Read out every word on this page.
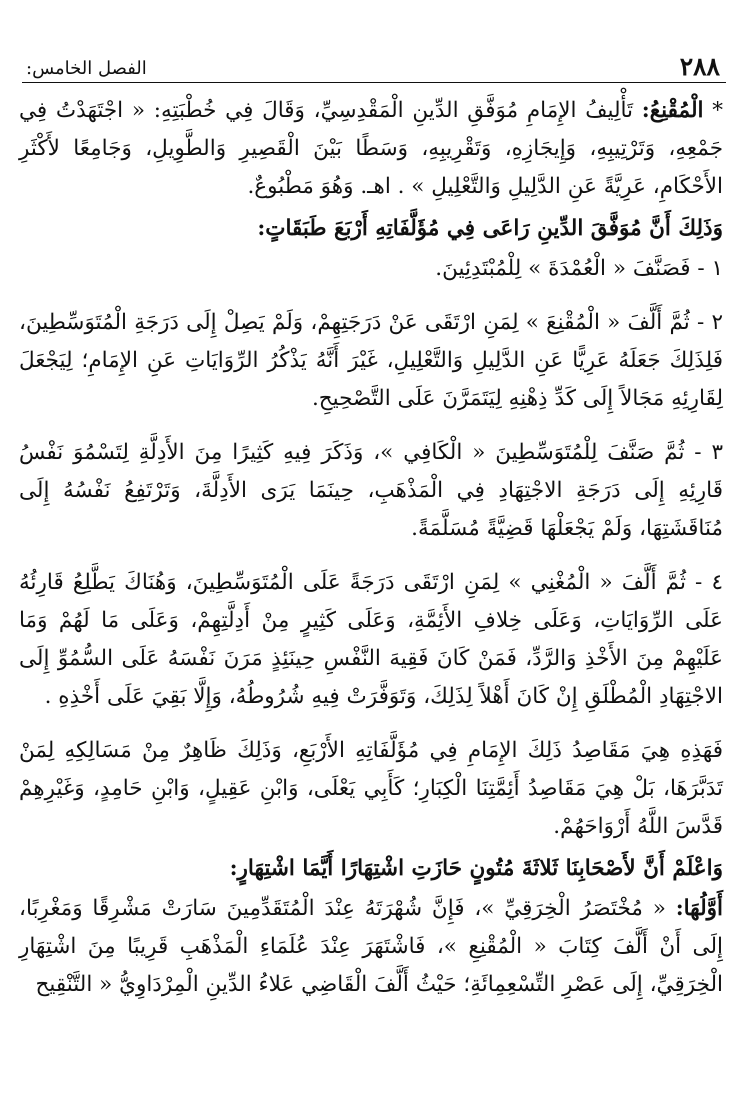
٢٨٨
الفصل الخامس:

* الْمُقْنِعُ: تَأْلِيفُ الإِمَامِ مُوَفَّقِ الدِّينِ الْمَقْدِسِيِّ، وَقَالَ فِي خُطْبَتِهِ: « اجْتَهَدْتُ فِي جَمْعِهِ، وَتَرْتِيبِهِ، وَإِيجَازِهِ، وَتَقْرِيبِهِ، وَسَطًا بَيْنَ الْقَصِيرِ وَالطَّوِيلِ، وَجَامِعًا لأَكْثَرِ الأَحْكَامِ، عَرِيَّةً عَنِ الدَّلِيلِ وَالتَّعْلِيلِ » . اهـ. وَهُوَ مَطْبُوعٌ.

وَذَلِكَ أَنَّ مُوَفَّقَ الدِّينِ رَاعَى فِي مُؤَلَّفَاتِهِ أَرْبَعَ طَبَقَاتٍ:

١ - فَصَنَّفَ « الْعُمْدَةَ » لِلْمُبْتَدِئِينَ.

٢ - ثُمَّ أَلَّفَ « الْمُقْنِعَ » لِمَنِ ارْتَقَى عَنْ دَرَجَتِهِمْ، وَلَمْ يَصِلْ إِلَى دَرَجَةِ الْمُتَوَسِّطِينَ، فَلِذَلِكَ جَعَلَهُ عَرِيًّا عَنِ الدَّلِيلِ وَالتَّعْلِيلِ، غَيْرَ أَنَّهُ يَذْكُرُ الرِّوَايَاتِ عَنِ الإِمَامِ؛ لِيَجْعَلَ لِقَارِئِهِ مَجَالاً إِلَى كَدِّ ذِهْنِهِ لِيَتَمَرَّنَ عَلَى التَّصْحِيحِ.

٣ - ثُمَّ صَنَّفَ لِلْمُتَوَسِّطِينَ « الْكَافِي »، وَذَكَرَ فِيهِ كَثِيرًا مِنَ الأَدِلَّةِ لِتَسْمُوَ نَفْسُ قَارِئِهِ إِلَى دَرَجَةِ الاجْتِهَادِ فِي الْمَذْهَبِ، حِينَمَا يَرَى الأَدِلَّةَ، وَتَرْتَفِعُ نَفْسُهُ إِلَى مُنَاقَشَتِهَا، وَلَمْ يَجْعَلْهَا قَضِيَّةً مُسَلَّمَةً.

٤ - ثُمَّ أَلَّفَ « الْمُغْنِي » لِمَنِ ارْتَقَى دَرَجَةً عَلَى الْمُتَوَسِّطِينَ، وَهُنَاكَ يَطَّلِعُ قَارِئُهُ عَلَى الرِّوَايَاتِ، وَعَلَى خِلافِ الأَئِمَّةِ، وَعَلَى كَثِيرٍ مِنْ أَدِلَّتِهِمْ، وَعَلَى مَا لَهُمْ وَمَا عَلَيْهِمْ مِنَ الأَخْذِ وَالرَّدِّ، فَمَنْ كَانَ فَقِيهَ النَّفْسِ حِينَئِذٍ مَرَنَ نَفْسَهُ عَلَى السُّمُوِّ إِلَى الاجْتِهَادِ الْمُطْلَقِ إِنْ كَانَ أَهْلاً لِذَلِكَ، وَتَوَفَّرَتْ فِيهِ شُرُوطُهُ، وَإِلَّا بَقِيَ عَلَى أَخْذِهِ .

فَهَذِهِ هِيَ مَقَاصِدُ ذَلِكَ الإِمَامِ فِي مُؤَلَّفَاتِهِ الأَرْبَعِ، وَذَلِكَ ظَاهِرٌ مِنْ مَسَالِكِهِ لِمَنْ تَدَبَّرَهَا، بَلْ هِيَ مَقَاصِدُ أَئِمَّتِنَا الْكِبَارِ؛ كَأَبِي يَعْلَى، وَابْنِ عَقِيلٍ، وَابْنِ حَامِدٍ، وَغَيْرِهِمْ قَدَّسَ اللَّهُ أَرْوَاحَهُمْ.

وَاعْلَمْ أَنَّ لأَصْحَابِنَا ثَلاثَةَ مُتُونٍ حَازَتِ اشْتِهَارًا أَيَّمَا اشْتِهَارٍ:

أَوَّلُهَا: « مُخْتَصَرُ الْخِرَقِيِّ »، فَإِنَّ شُهْرَتَهُ عِنْدَ الْمُتَقَدِّمِينَ سَارَتْ مَشْرِقًا وَمَغْرِبًا، إِلَى أَنْ أَلَّفَ كِتَابَ « الْمُقْنِعِ »، فَاشْتَهَرَ عِنْدَ عُلَمَاءِ الْمَذْهَبِ قَرِيبًا مِنَ اشْتِهَارِ الْخِرَقِيِّ، إِلَى عَصْرِ التِّسْعِمِائَةِ؛ حَيْثُ أَلَّفَ الْقَاضِي عَلاءُ الدِّينِ الْمِرْدَاوِيُّ « التَّنْقِيح
